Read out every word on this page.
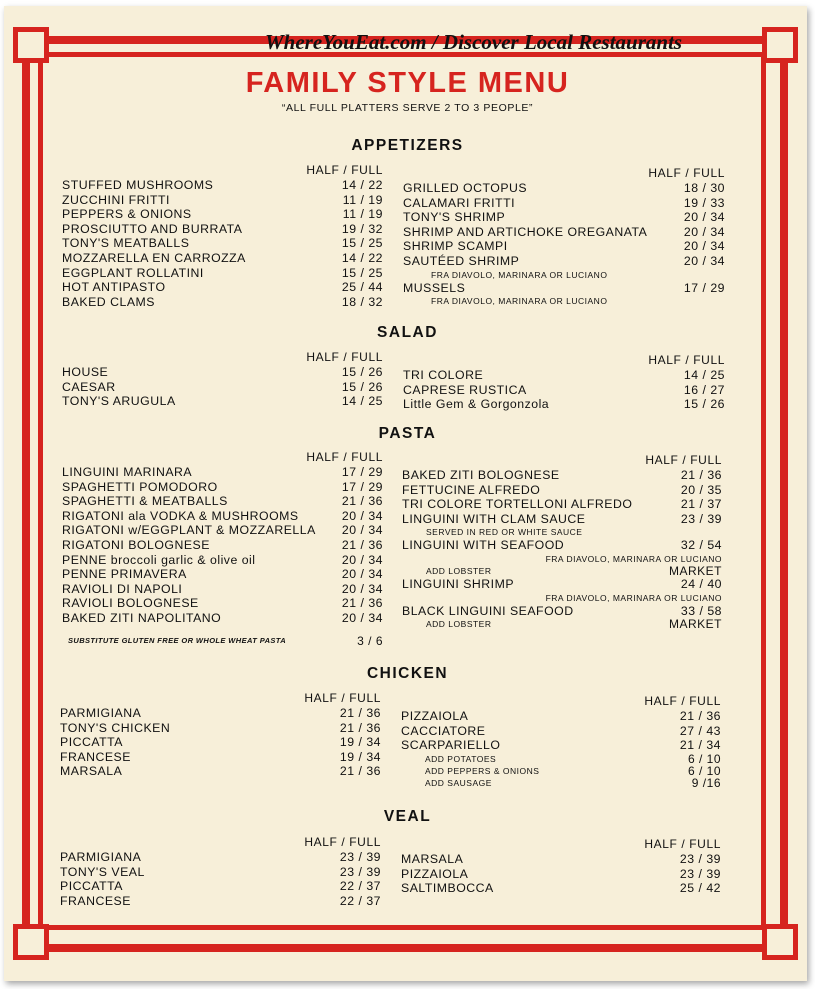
WhereYouEat.com / Discover Local Restaurants
FAMILY STYLE MENU
“ALL FULL PLATTERS SERVE 2 TO 3 PEOPLE”
APPETIZERS
HALF / FULL
STUFFED MUSHROOMS	14 / 22
ZUCCHINI FRITTI	11 / 19
PEPPERS & ONIONS	11 / 19
PROSCIUTTO AND BURRATA	19 / 32
TONY'S MEATBALLS	15 / 25
MOZZARELLA EN CARROZZA	14 / 22
EGGPLANT ROLLATINI	15 / 25
HOT ANTIPASTO	25 / 44
BAKED CLAMS	18 / 32
HALF / FULL
GRILLED OCTOPUS	18 / 30
CALAMARI FRITTI	19 / 33
TONY'S SHRIMP	20 / 34
SHRIMP AND ARTICHOKE OREGANATA	20 / 34
SHRIMP SCAMPI	20 / 34
SAUTÉED SHRIMP	20 / 34
FRA DIAVOLO, MARINARA OR LUCIANO
MUSSELS	17 / 29
FRA DIAVOLO, MARINARA OR LUCIANO
SALAD
HALF / FULL
HOUSE	15 / 26
CAESAR	15 / 26
TONY'S ARUGULA	14 / 25
HALF / FULL
TRI COLORE	14 / 25
CAPRESE RUSTICA	16 / 27
Little Gem & Gorgonzola	15 / 26
PASTA
HALF / FULL
LINGUINI MARINARA	17 / 29
SPAGHETTI POMODORO	17 / 29
SPAGHETTI & MEATBALLS	21 / 36
RIGATONI ala VODKA & MUSHROOMS	20 / 34
RIGATONI w/EGGPLANT & MOZZARELLA 20 / 34
RIGATONI BOLOGNESE	21 / 36
PENNE broccoli garlic & olive oil	20 / 34
PENNE PRIMAVERA	20 / 34
RAVIOLI DI NAPOLI	20 / 34
RAVIOLI BOLOGNESE	21 / 36
BAKED ZITI NAPOLITANO	20 / 34
SUBSTITUTE GLUTEN FREE OR WHOLE WHEAT PASTA	3 / 6
HALF / FULL
BAKED ZITI BOLOGNESE	21 / 36
FETTUCINE ALFREDO	20 / 35
TRI COLORE TORTELLONI ALFREDO	21 / 37
LINGUINI WITH CLAM SAUCE	23 / 39
SERVED IN RED OR WHITE SAUCE
LINGUINI WITH SEAFOOD	32 / 54
FRA DIAVOLO, MARINARA OR LUCIANO
ADD LOBSTER	MARKET
LINGUINI SHRIMP	24 / 40
FRA DIAVOLO, MARINARA OR LUCIANO
BLACK LINGUINI SEAFOOD	33 / 58
ADD LOBSTER	MARKET
CHICKEN
HALF / FULL
PARMIGIANA	21 / 36
TONY'S CHICKEN	21 / 36
PICCATTA	19 / 34
FRANCESE	19 / 34
MARSALA	21 / 36
HALF / FULL
PIZZAIOLA	21 / 36
CACCIATORE	27 / 43
SCARPARIELLO	21 / 34
ADD POTATOES	6 / 10
ADD PEPPERS & ONIONS	6 / 10
ADD SAUSAGE	9 /16
VEAL
HALF / FULL
PARMIGIANA	23 / 39
TONY'S VEAL	23 / 39
PICCATTA	22 / 37
FRANCESE	22 / 37
HALF / FULL
MARSALA	23 / 39
PIZZAIOLA	23 / 39
SALTIMBOCCA	25 / 42
